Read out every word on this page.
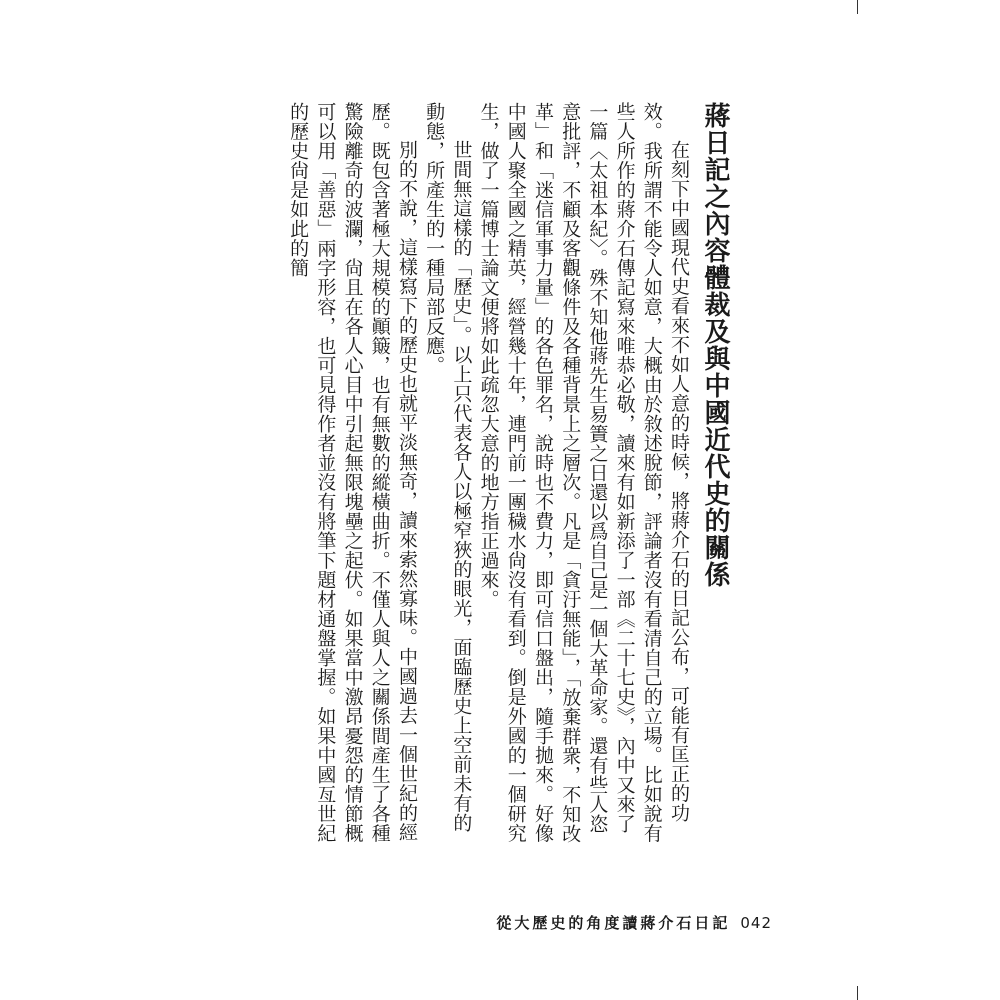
蔣日記之內容體裁及與中國近代史的關係

在刻下中國現代史看來不如人意的時候，將蔣介石的日記公布，可能有匡正的功效。我所謂不能令人如意，大概由於敘述脫節，評論者沒有看清自己的立場。比如說有些人所作的蔣介石傳記寫來唯恭必敬，讀來有如新添了一部《二十七史》，內中又來了一篇〈太祖本紀〉。殊不知他蔣先生易簀之日還以爲自己是一個大革命家。還有些人恣意批評，不顧及客觀條件及各種背景上之層次。凡是「貪汙無能」，「放棄群衆，不知改革」和「迷信軍事力量」的各色罪名，說時也不費力，即可信口盤出，隨手拋來。好像中國人聚全國之精英，經營幾十年，連門前一團穢水尙沒有看到。倒是外國的一個研究生，做了一篇博士論文便將如此疏忽大意的地方指正過來。

世間無這樣的「歷史」。以上只代表各人以極窄狹的眼光，面臨歷史上空前未有的動態，所產生的一種局部反應。

別的不說，這樣寫下的歷史也就平淡無奇，讀來索然寡味。中國過去一個世紀的經歷。既包含著極大規模的顚簸，也有無數的縱橫曲折。不僅人與人之關係間產生了各種驚險離奇的波瀾，尙且在各人心目中引起無限塊壘之起伏。如果當中激昂憂怨的情節概可以用「善惡」兩字形容，也可見得作者並沒有將筆下題材通盤掌握。如果中國亙世紀的歷史尙是如此的簡

從大歷史的角度讀蔣介石日記 042
